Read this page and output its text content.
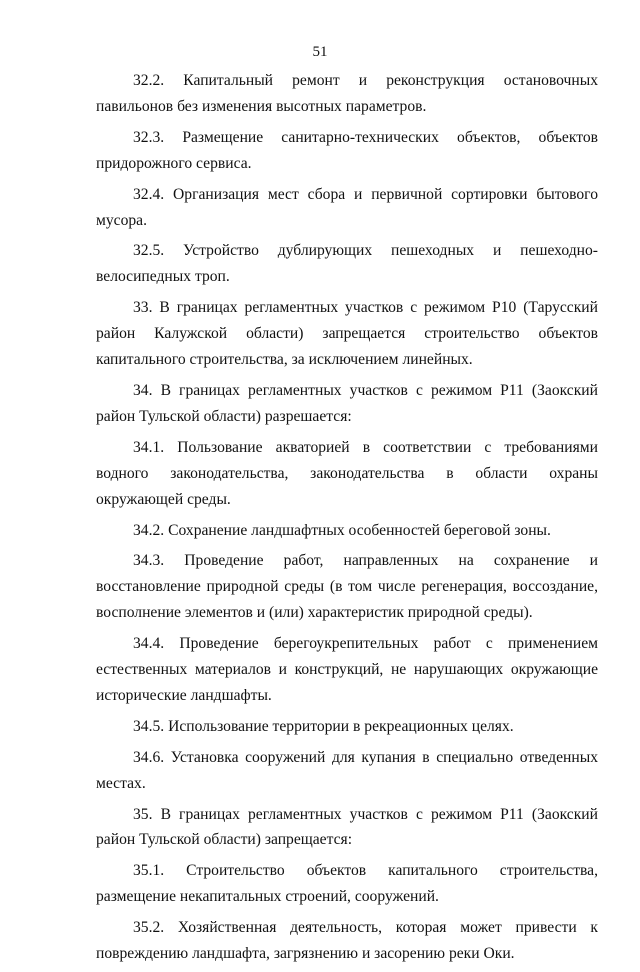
51

32.2. Капитальный ремонт и реконструкция остановочных павильонов без изменения высотных параметров.

32.3. Размещение санитарно-технических объектов, объектов придорожного сервиса.

32.4. Организация мест сбора и первичной сортировки бытового мусора.

32.5. Устройство дублирующих пешеходных и пешеходно-велосипедных троп.

33. В границах регламентных участков с режимом Р10 (Тарусский район Калужской области) запрещается строительство объектов капитального строительства, за исключением линейных.

34. В границах регламентных участков с режимом Р11 (Заокский район Тульской области) разрешается:

34.1. Пользование акваторией в соответствии с требованиями водного законодательства, законодательства в области охраны окружающей среды.

34.2. Сохранение ландшафтных особенностей береговой зоны.

34.3. Проведение работ, направленных на сохранение и восстановление природной среды (в том числе регенерация, воссоздание, восполнение элементов и (или) характеристик природной среды).

34.4. Проведение берегоукрепительных работ с применением естественных материалов и конструкций, не нарушающих окружающие исторические ландшафты.

34.5. Использование территории в рекреационных целях.

34.6. Установка сооружений для купания в специально отведенных местах.

35. В границах регламентных участков с режимом Р11 (Заокский район Тульской области) запрещается:

35.1. Строительство объектов капитального строительства, размещение некапитальных строений, сооружений.

35.2. Хозяйственная деятельность, которая может привести к повреждению ландшафта, загрязнению и засорению реки Оки.
